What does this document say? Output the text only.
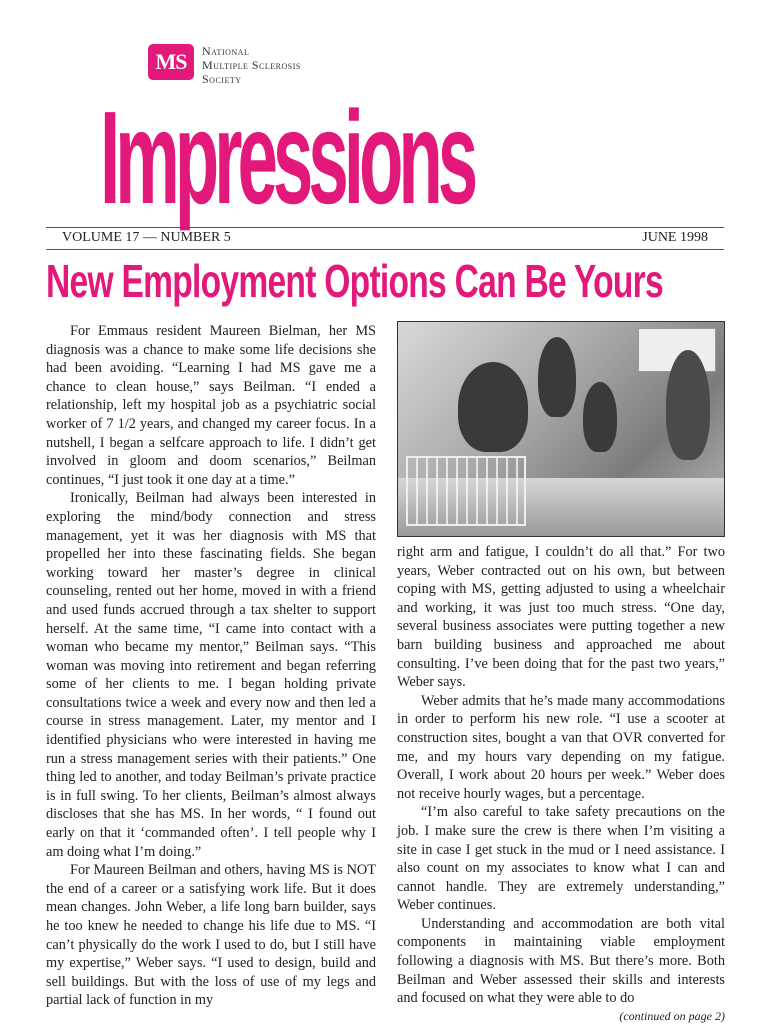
MS	National
Multiple Sclerosis
Society
Impressions
VOLUME 17 — NUMBER 5	JUNE 1998
New Employment Options Can Be Yours

For Emmaus resident Maureen Bielman, her MS diagnosis was a chance to make some life decisions she had been avoiding. “Learning I had MS gave me a chance to clean house,” says Beilman. “I ended a relationship, left my hospital job as a psychiatric social worker of 7 1/2 years, and changed my career focus. In a nutshell, I began a selfcare approach to life. I didn’t get involved in gloom and doom scenarios,” Beilman continues, “I just took it one day at a time.”

Ironically, Beilman had always been interested in exploring the mind/body connection and stress management, yet it was her diagnosis with MS that propelled her into these fascinating fields. She began working toward her master’s degree in clinical counseling, rented out her home, moved in with a friend and used funds accrued through a tax shelter to support herself. At the same time, “I came into contact with a woman who became my mentor,” Beilman says. “This woman was moving into retirement and began referring some of her clients to me. I began holding private consultations twice a week and every now and then led a course in stress management. Later, my mentor and I identified physicians who were interested in having me run a stress management series with their patients.” One thing led to another, and today Beilman’s private practice is in full swing. To her clients, Beilman’s almost always discloses that she has MS. In her words, “ I found out early on that it ‘commanded often’. I tell people why I am doing what I’m doing.”

For Maureen Beilman and others, having MS is NOT the end of a career or a satisfying work life. But it does mean changes. John Weber, a life long barn builder, says he too knew he needed to change his life due to MS. “I can’t physically do the work I used to do, but I still have my expertise,” Weber says. “I used to design, build and sell buildings. But with the loss of use of my legs and partial lack of function in my

right arm and fatigue, I couldn’t do all that.” For two years, Weber contracted out on his own, but between coping with MS, getting adjusted to using a wheelchair and working, it was just too much stress. “One day, several business associates were putting together a new barn building business and approached me about consulting. I’ve been doing that for the past two years,” Weber says.

Weber admits that he’s made many accommodations in order to perform his new role. “I use a scooter at construction sites, bought a van that OVR converted for me, and my hours vary depending on my fatigue. Overall, I work about 20 hours per week.” Weber does not receive hourly wages, but a percentage.

“I’m also careful to take safety precautions on the job. I make sure the crew is there when I’m visiting a site in case I get stuck in the mud or I need assistance. I also count on my associates to know what I can and cannot handle. They are extremely understanding,” Weber continues.

Understanding and accommodation are both vital components in maintaining viable employment following a diagnosis with MS. But there’s more. Both Beilman and Weber assessed their skills and interests and focused on what they were able to do

(continued on page 2)
